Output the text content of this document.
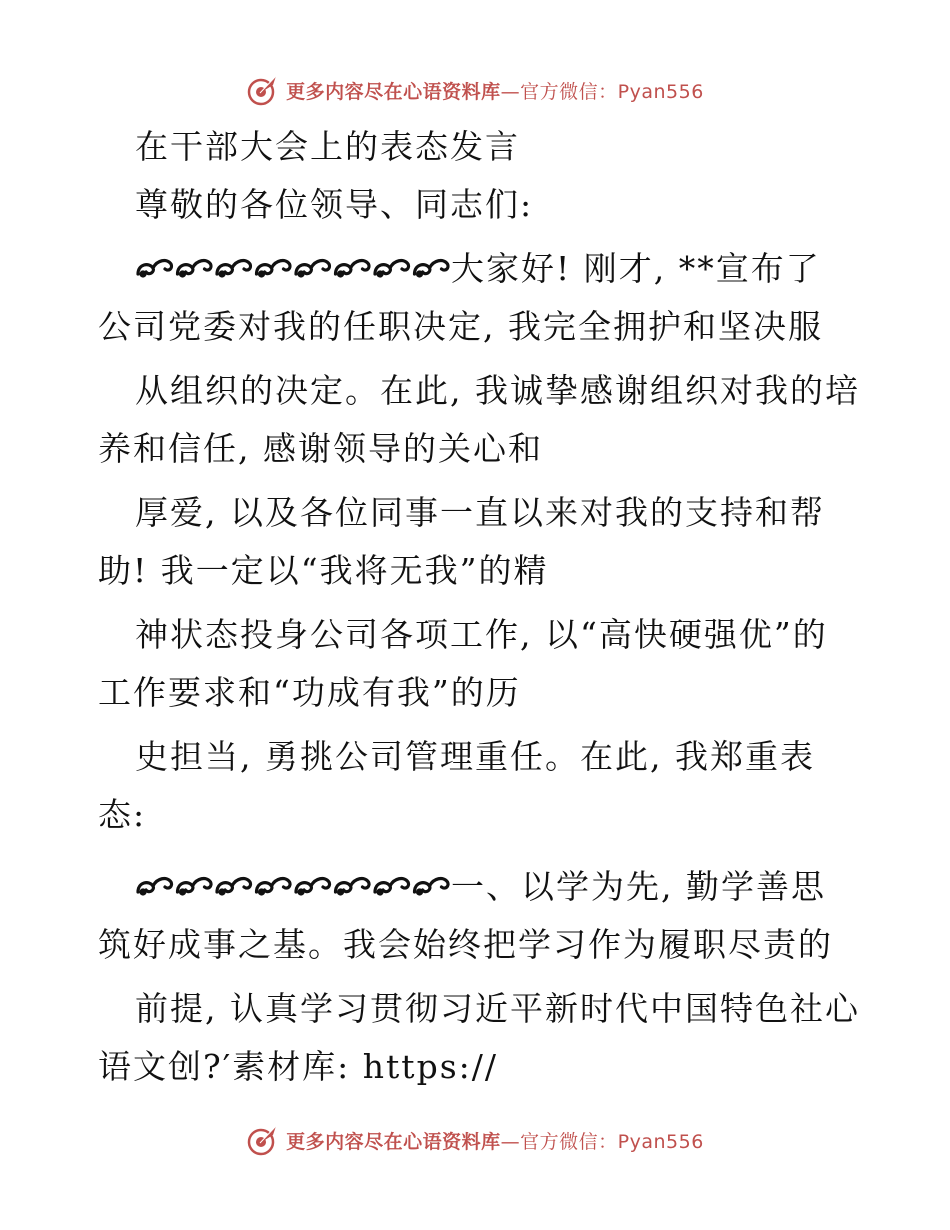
更多内容尽在心语资料库—官方微信：Pyan556
在干部大会上的表态发言
尊敬的各位领导、同志们:
大家好! 刚才, **宣布了
公司党委对我的任职决定, 我完全拥护和坚决服
从组织的决定。在此, 我诚挚感谢组织对我的培
养和信任, 感谢领导的关心和
厚爱, 以及各位同事一直以来对我的支持和帮
助! 我一定以“我将无我”的精
神状态投身公司各项工作, 以“高快硬强优”的
工作要求和“功成有我”的历
史担当, 勇挑公司管理重任。在此, 我郑重表
态:
一、以学为先, 勤学善思
筑好成事之基。我会始终把学习作为履职尽责的
前提, 认真学习贯彻习近平新时代中国特色社心
语文创?′素材库: https://
更多内容尽在心语资料库—官方微信：Pyan556
